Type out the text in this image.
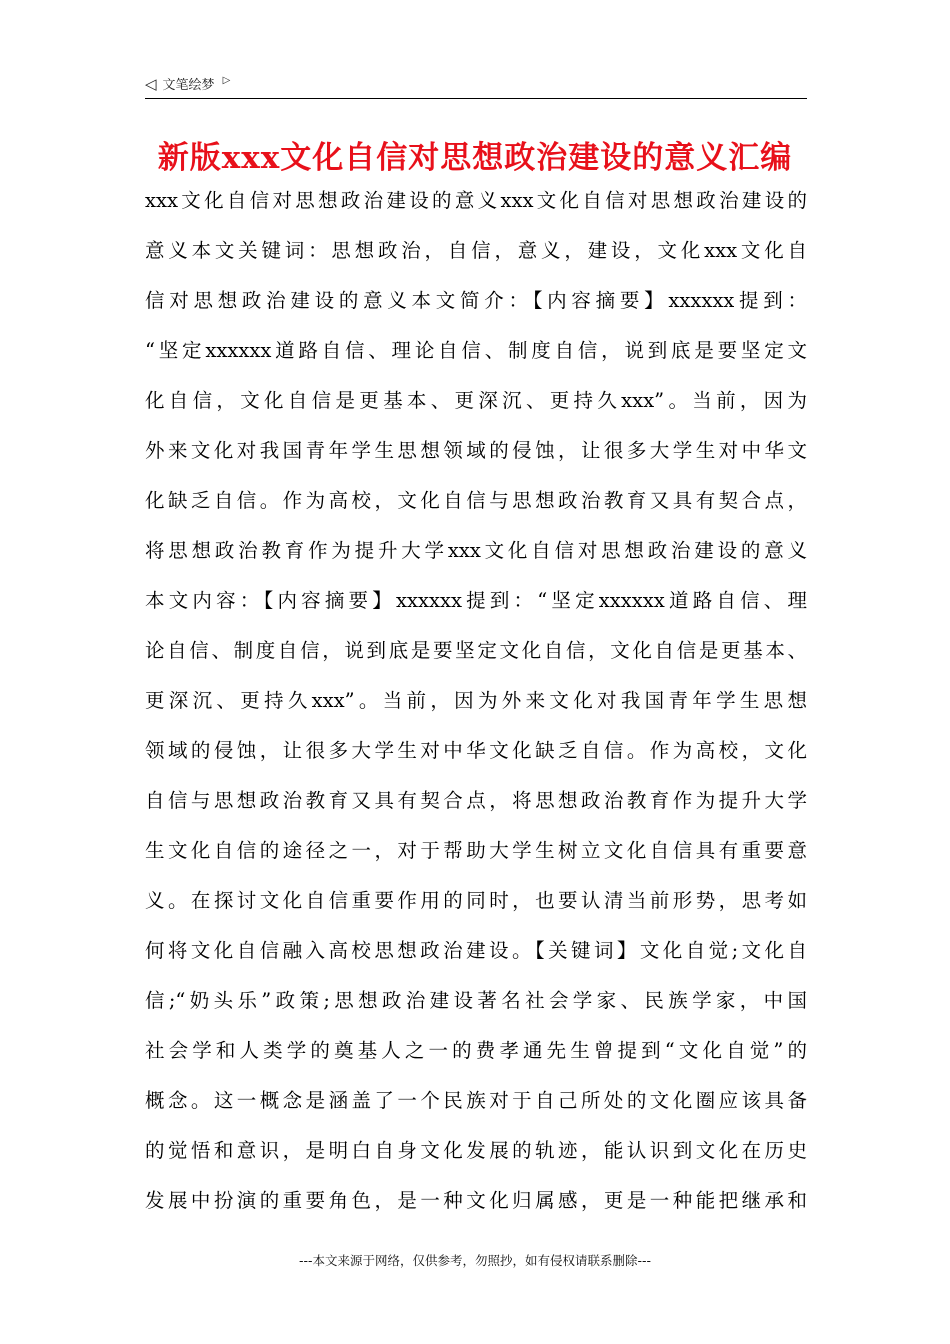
◁ 文笔绘梦 ▷
新版xxx文化自信对思想政治建设的意义汇编
xxx文化自信对思想政治建设的意义xxx文化自信对思想政治建设的
意义本文关键词：思想政治，自信，意义，建设，文化xxx文化自
信对思想政治建设的意义本文简介：【内容摘要】xxxxxx提到：
“坚定xxxxxx道路自信、理论自信、制度自信，说到底是要坚定文
化自信，文化自信是更基本、更深沉、更持久xxx”。当前，因为
外来文化对我国青年学生思想领域的侵蚀，让很多大学生对中华文
化缺乏自信。作为高校，文化自信与思想政治教育又具有契合点，
将思想政治教育作为提升大学xxx文化自信对思想政治建设的意义
本文内容：【内容摘要】xxxxxx提到：“坚定xxxxxx道路自信、理
论自信、制度自信，说到底是要坚定文化自信，文化自信是更基本、
更深沉、更持久xxx”。当前，因为外来文化对我国青年学生思想
领域的侵蚀，让很多大学生对中华文化缺乏自信。作为高校，文化
自信与思想政治教育又具有契合点，将思想政治教育作为提升大学
生文化自信的途径之一，对于帮助大学生树立文化自信具有重要意
义。在探讨文化自信重要作用的同时，也要认清当前形势，思考如
何将文化自信融入高校思想政治建设。【关键词】文化自觉;文化自
信;“奶头乐”政策;思想政治建设著名社会学家、民族学家，中国
社会学和人类学的奠基人之一的费孝通先生曾提到“文化自觉”的
概念。这一概念是涵盖了一个民族对于自己所处的文化圈应该具备
的觉悟和意识，是明白自身文化发展的轨迹，能认识到文化在历史
发展中扮演的重要角色，是一种文化归属感，更是一种能把继承和
---本文来源于网络，仅供参考，勿照抄，如有侵权请联系删除---
